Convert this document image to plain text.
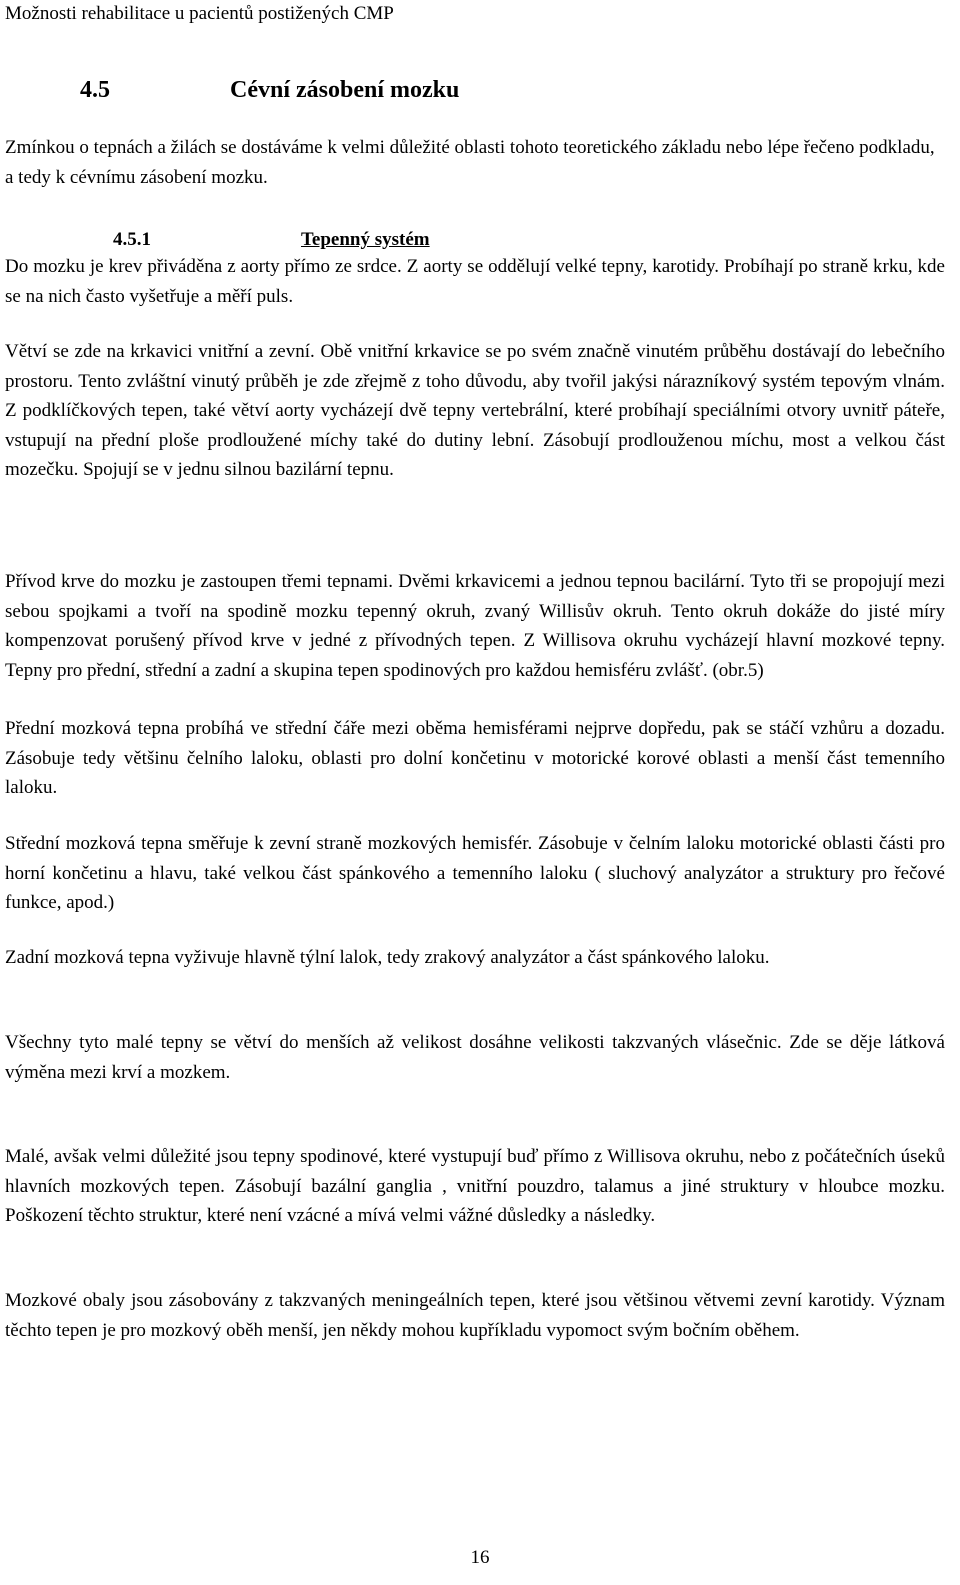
Možnosti rehabilitace u pacientů postižených CMP
4.5	Cévní zásobení mozku

Zmínkou o tepnách a žilách se dostáváme k velmi důležité oblasti tohoto teoretického základu nebo lépe řečeno podkladu, a tedy k cévnímu zásobení mozku.

4.5.1	Tepenný systém

Do mozku je krev přiváděna z aorty přímo ze srdce. Z aorty se oddělují velké tepny, karotidy. Probíhají po straně krku, kde se na nich často vyšetřuje a měří puls.

Větví se zde na krkavici vnitřní a zevní. Obě vnitřní krkavice se po svém značně vinutém průběhu dostávají do lebečního prostoru. Tento zvláštní vinutý průběh je zde zřejmě z toho důvodu, aby tvořil jakýsi nárazníkový systém tepovým vlnám. Z podklíčkových tepen, také větví aorty vycházejí dvě tepny vertebrální, které probíhají speciálními otvory uvnitř páteře, vstupují na přední ploše prodloužené míchy také do dutiny lební. Zásobují prodlouženou míchu, most a velkou část mozečku. Spojují se v jednu silnou bazilární tepnu.

Přívod krve do mozku je zastoupen třemi tepnami. Dvěmi krkavicemi a jednou tepnou bacilární. Tyto tři se propojují mezi sebou spojkami a tvoří na spodině mozku tepenný okruh, zvaný Willisův okruh. Tento okruh dokáže do jisté míry kompenzovat porušený přívod krve v jedné z přívodných tepen. Z Willisova okruhu vycházejí hlavní mozkové tepny. Tepny pro přední, střední a zadní a skupina tepen spodinových pro každou hemisféru zvlášť. (obr.5)

Přední mozková tepna probíhá ve střední čáře mezi oběma hemisférami nejprve dopředu, pak se stáčí vzhůru a dozadu. Zásobuje tedy většinu čelního laloku, oblasti pro dolní končetinu v motorické korové oblasti a menší část temenního laloku.

Střední mozková tepna směřuje k zevní straně mozkových hemisfér. Zásobuje v čelním laloku motorické oblasti části pro horní končetinu a hlavu, také velkou část spánkového a temenního laloku ( sluchový analyzátor a struktury pro řečové funkce, apod.)

Zadní mozková tepna vyživuje hlavně týlní lalok, tedy zrakový analyzátor a část spánkového laloku.

Všechny tyto malé tepny se větví do menších až velikost dosáhne velikosti takzvaných vlásečnic. Zde se děje látková výměna mezi krví a mozkem.

Malé, avšak velmi důležité jsou tepny spodinové, které vystupují buď přímo z Willisova okruhu, nebo z počátečních úseků hlavních mozkových tepen. Zásobují bazální ganglia , vnitřní pouzdro, talamus a jiné struktury v hloubce mozku. Poškození těchto struktur, které není vzácné a mívá velmi vážné důsledky a následky.

Mozkové obaly jsou zásobovány z takzvaných meningeálních tepen, které jsou většinou větvemi zevní karotidy. Význam těchto tepen je pro mozkový oběh menší, jen někdy mohou kupříkladu vypomoct svým bočním oběhem.

16
